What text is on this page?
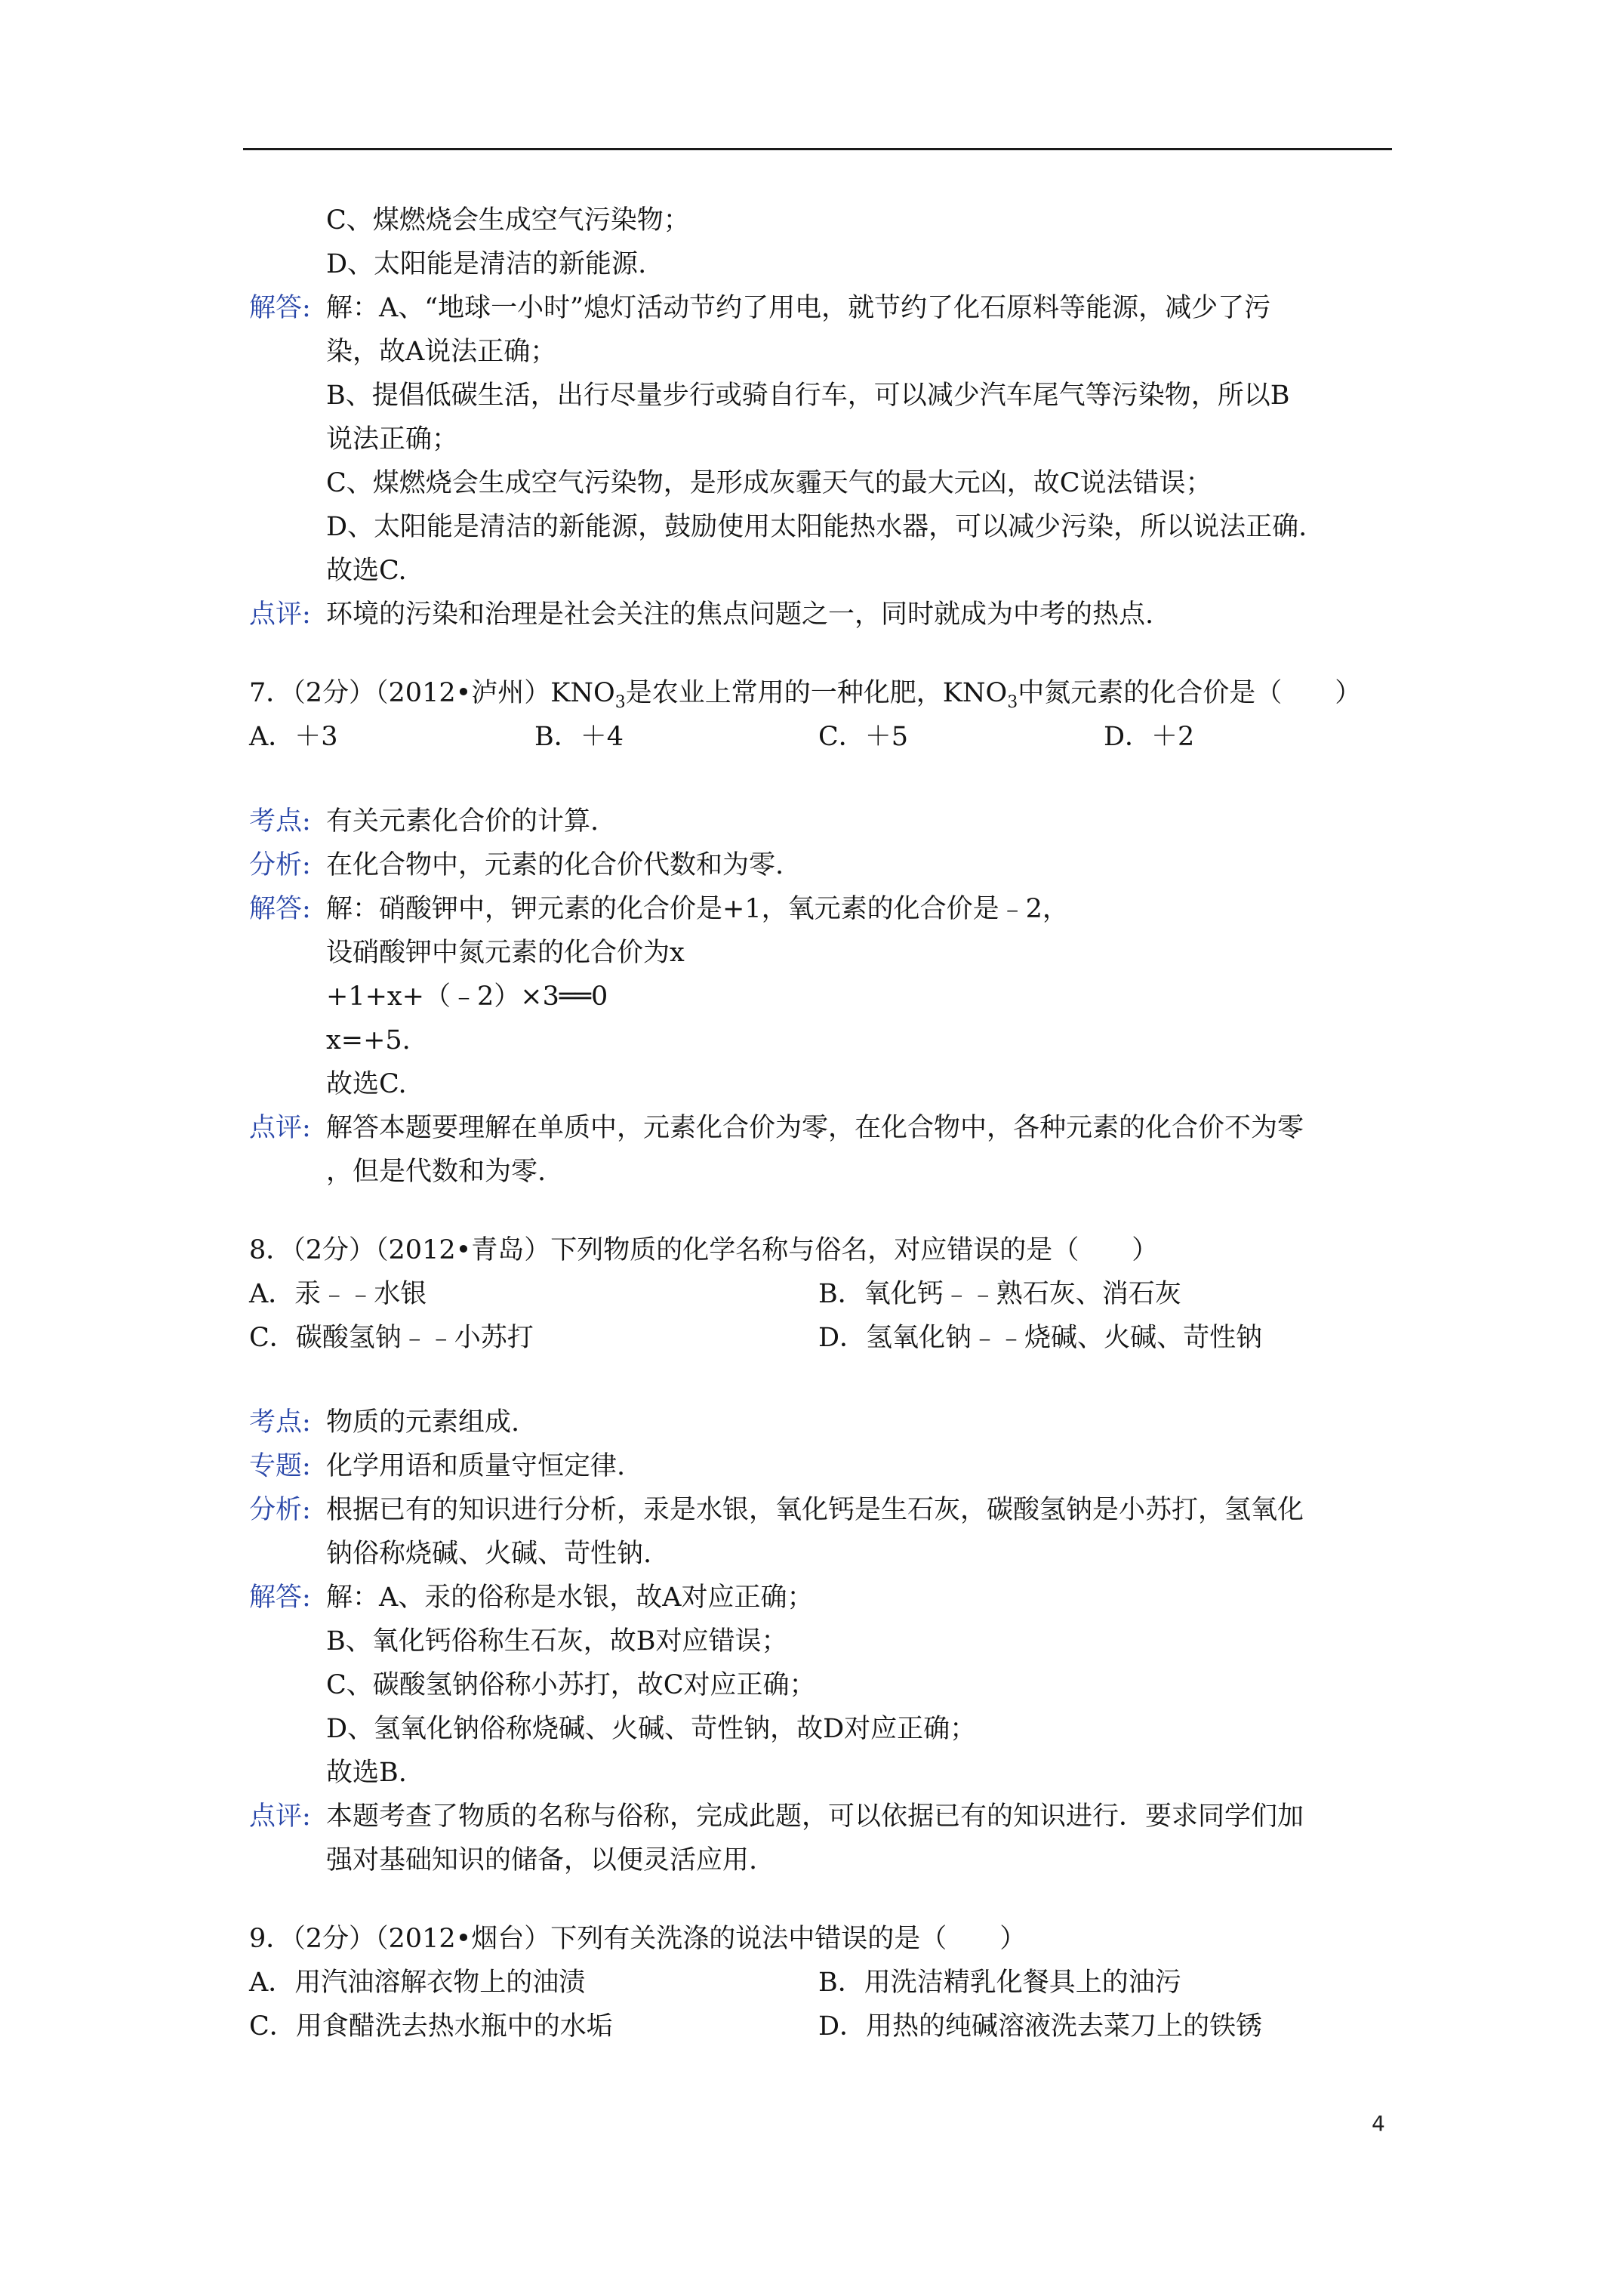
C、煤燃烧会生成空气污染物；
D、太阳能是清洁的新能源.
解答: 解：A、“地球一小时”熄灯活动节约了用电，就节约了化石原料等能源，减少了污
染，故A说法正确；
B、提倡低碳生活，出行尽量步行或骑自行车，可以减少汽车尾气等污染物，所以B
说法正确；
C、煤燃烧会生成空气污染物，是形成灰霾天气的最大元凶，故C说法错误；
D、太阳能是清洁的新能源，鼓励使用太阳能热水器，可以减少污染，所以说法正确.
故选C.
点评: 环境的污染和治理是社会关注的焦点问题之一，同时就成为中考的热点.
7．（2分）（2012•泸州）$KNO_3$是农业上常用的一种化肥，$KNO_3$中氮元素的化合价是（　　）
A．＋3	B．＋4	C．＋5	D．＋2
考点: 有关元素化合价的计算.
分析: 在化合物中，元素的化合价代数和为零.
解答: 解：硝酸钾中，钾元素的化合价是+1，氧元素的化合价是﹣2，
设硝酸钾中氮元素的化合价为x
+1+x+（﹣2）×3══0
x=+5.
故选C.
点评: 解答本题要理解在单质中，元素化合价为零，在化合物中，各种元素的化合价不为零
，但是代数和为零.
8．（2分）（2012•青岛）下列物质的化学名称与俗名，对应错误的是（　　）
A．汞﹣﹣水银	B．氧化钙﹣﹣熟石灰、消石灰
C．碳酸氢钠﹣﹣小苏打	D．氢氧化钠﹣﹣烧碱、火碱、苛性钠
考点: 物质的元素组成.
专题: 化学用语和质量守恒定律.
分析: 根据已有的知识进行分析，汞是水银，氧化钙是生石灰，碳酸氢钠是小苏打，氢氧化
钠俗称烧碱、火碱、苛性钠.
解答: 解：A、汞的俗称是水银，故A对应正确；
B、氧化钙俗称生石灰，故B对应错误；
C、碳酸氢钠俗称小苏打，故C对应正确；
D、氢氧化钠俗称烧碱、火碱、苛性钠，故D对应正确；
故选B.
点评: 本题考查了物质的名称与俗称，完成此题，可以依据已有的知识进行．要求同学们加
强对基础知识的储备，以便灵活应用.
9．（2分）（2012•烟台）下列有关洗涤的说法中错误的是（　　）
A．用汽油溶解衣物上的油渍	B．用洗洁精乳化餐具上的油污
C．用食醋洗去热水瓶中的水垢	D．用热的纯碱溶液洗去菜刀上的铁锈
4
